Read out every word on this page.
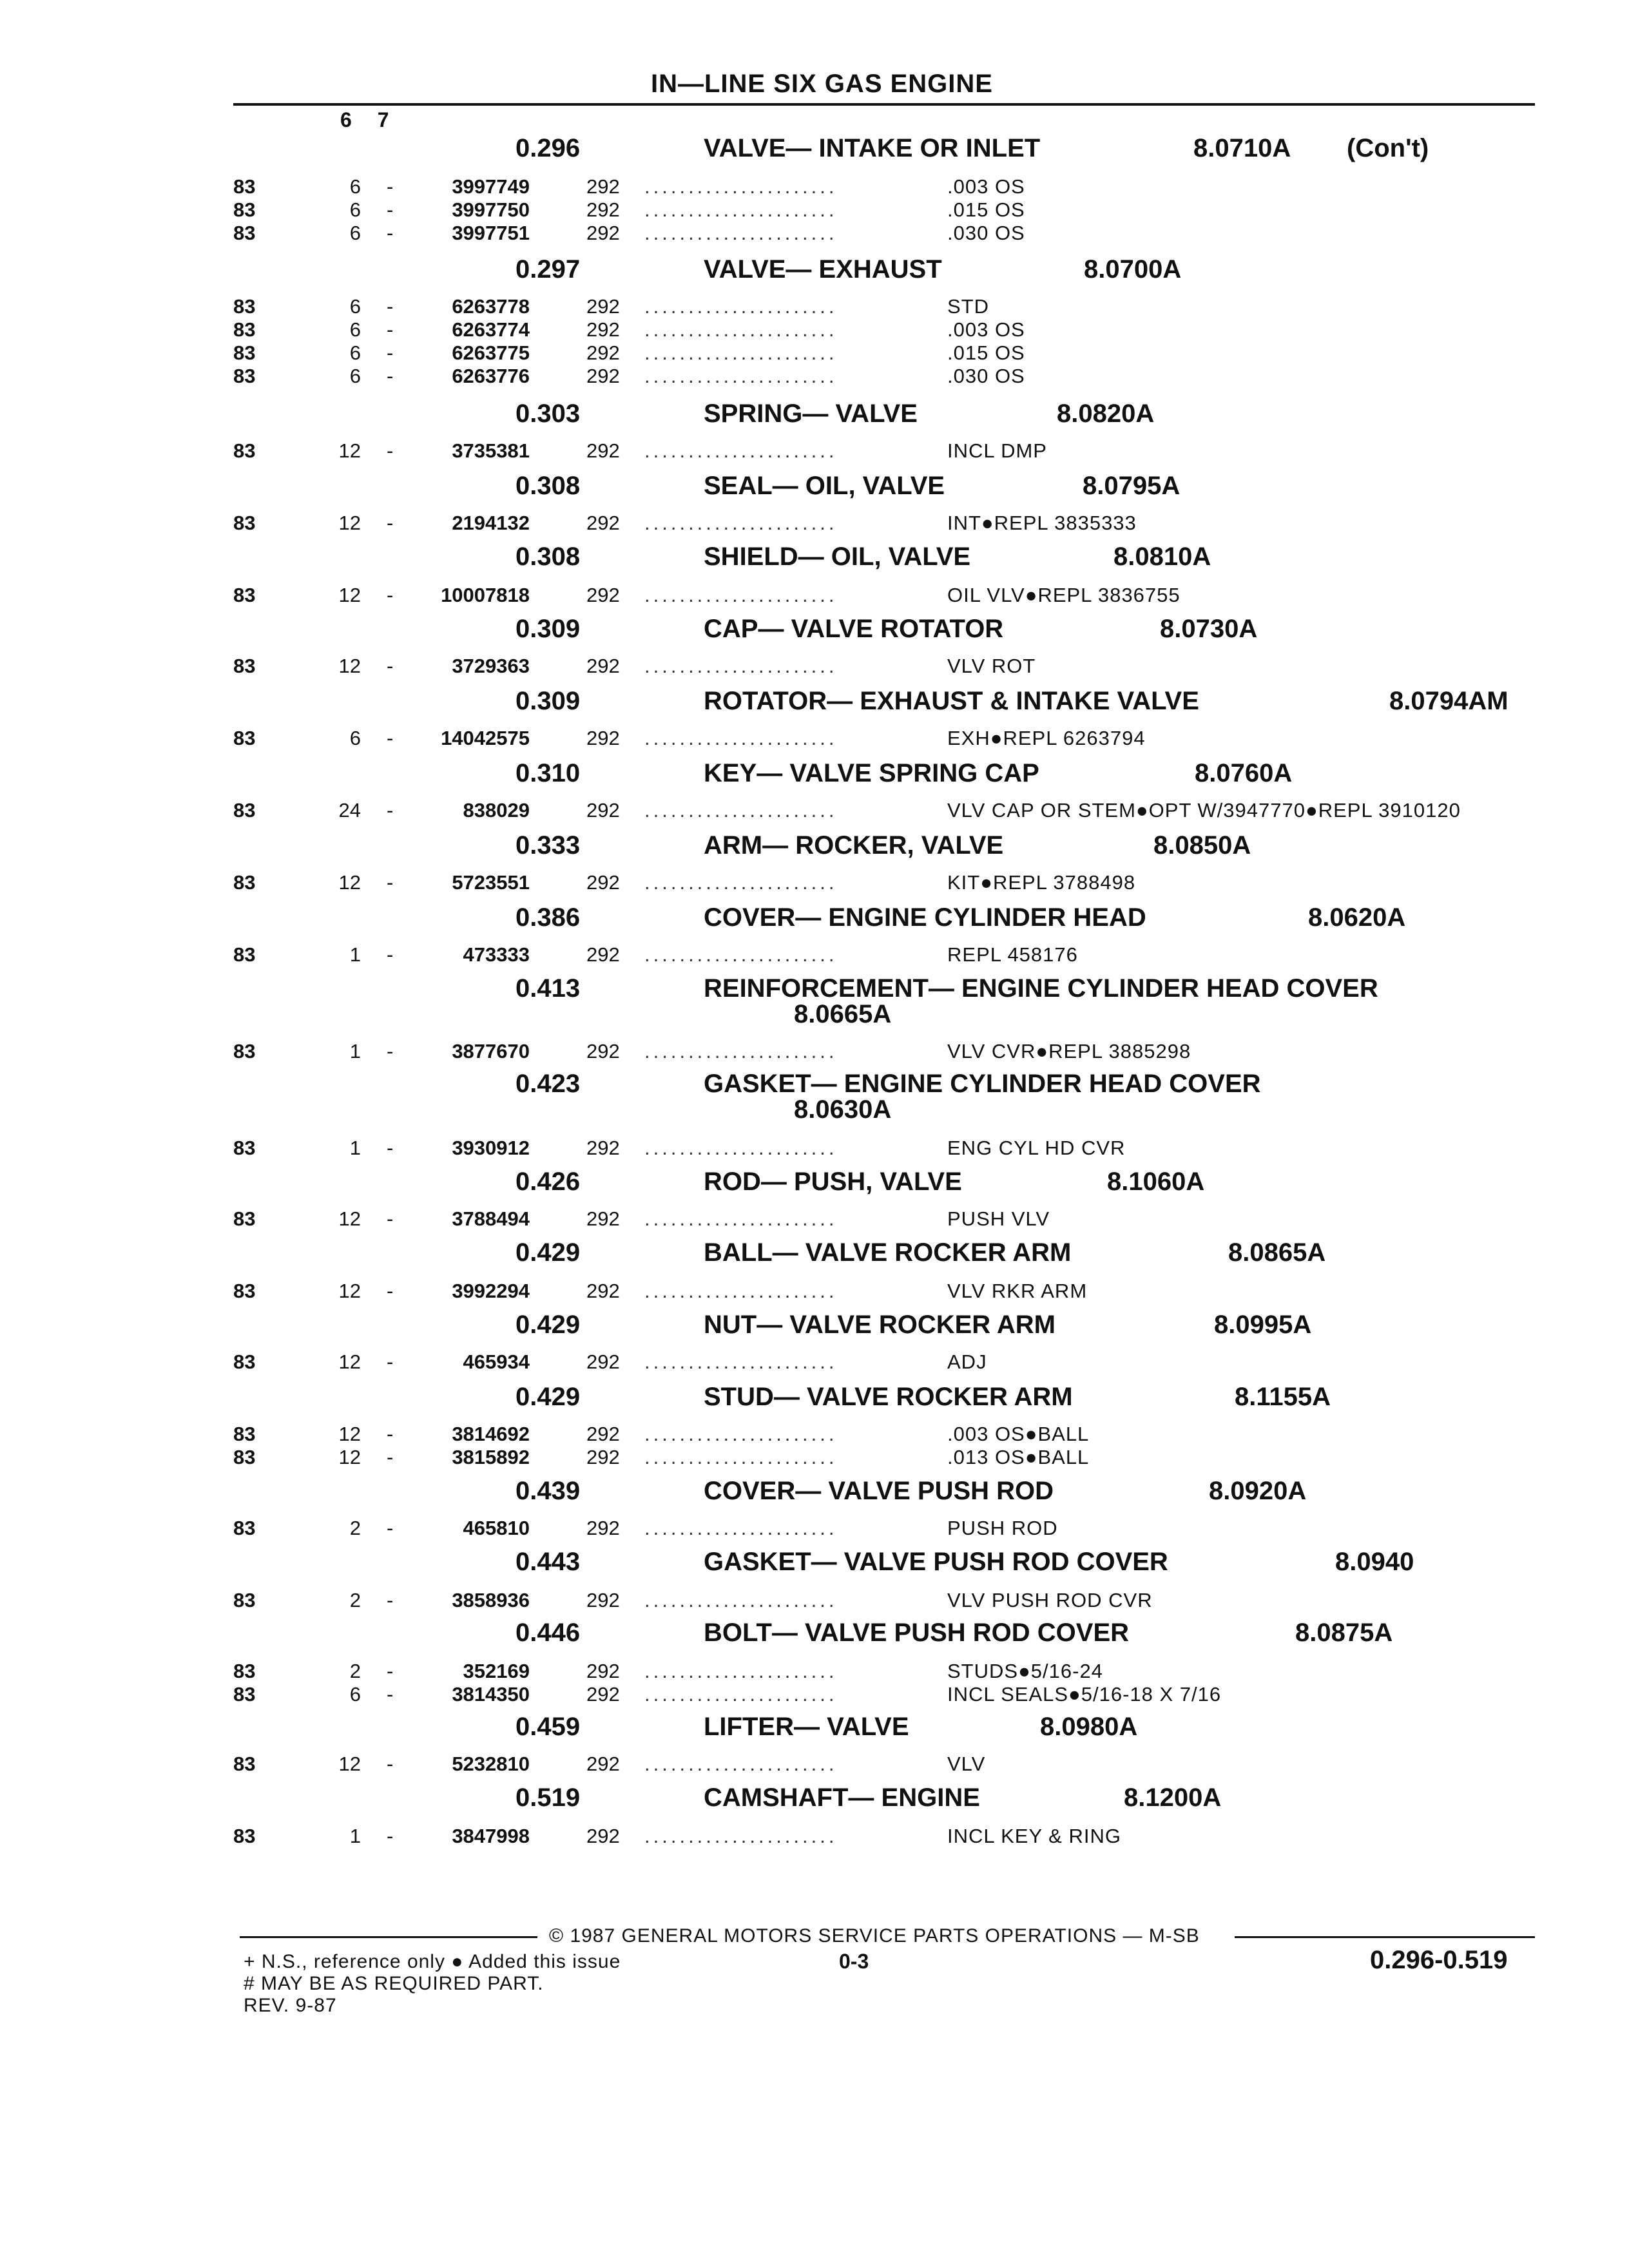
IN—LINE SIX GAS ENGINE
6 7
0.296	VALVE— INTAKE OR INLET	8.0710A (Con't)
83	6 -	3997749	292 ......................	.003 OS
83	6 -	3997750	292 ......................	.015 OS
83	6 -	3997751	292 ......................	.030 OS
0.297	VALVE— EXHAUST	8.0700A
83	6 -	6263778	292 ......................	STD
83	6 -	6263774	292 ......................	.003 OS
83	6 -	6263775	292 ......................	.015 OS
83	6 -	6263776	292 ......................	.030 OS
0.303	SPRING— VALVE	8.0820A
83	12 -	3735381	292 ......................	INCL DMP
0.308	SEAL— OIL, VALVE	8.0795A
83	12 -	2194132	292 ......................	INT●REPL 3835333
0.308	SHIELD— OIL, VALVE	8.0810A
83	12 -	10007818	292 ......................	OIL VLV●REPL 3836755
0.309	CAP— VALVE ROTATOR	8.0730A
83	12 -	3729363	292 ......................	VLV ROT
0.309	ROTATOR— EXHAUST & INTAKE VALVE	8.0794AM
83	6 -	14042575	292 ......................	EXH●REPL 6263794
0.310	KEY— VALVE SPRING CAP	8.0760A
83	24 -	838029	292 ......................	VLV CAP OR STEM●OPT W/3947770●REPL 3910120
0.333	ARM— ROCKER, VALVE	8.0850A
83	12 -	5723551	292 ......................	KIT●REPL 3788498
0.386	COVER— ENGINE CYLINDER HEAD	8.0620A
83	1 -	473333	292 ......................	REPL 458176
0.413	REINFORCEMENT— ENGINE CYLINDER HEAD COVER
8.0665A
83	1 -	3877670	292 ......................	VLV CVR●REPL 3885298
0.423	GASKET— ENGINE CYLINDER HEAD COVER
8.0630A
83	1 -	3930912	292 ......................	ENG CYL HD CVR
0.426	ROD— PUSH, VALVE	8.1060A
83	12 -	3788494	292 ......................	PUSH VLV
0.429	BALL— VALVE ROCKER ARM	8.0865A
83	12 -	3992294	292 ......................	VLV RKR ARM
0.429	NUT— VALVE ROCKER ARM	8.0995A
83	12 -	465934	292 ......................	ADJ
0.429	STUD— VALVE ROCKER ARM	8.1155A
83	12 -	3814692	292 ......................	.003 OS●BALL
83	12 -	3815892	292 ......................	.013 OS●BALL
0.439	COVER— VALVE PUSH ROD	8.0920A
83	2 -	465810	292 ......................	PUSH ROD
0.443	GASKET— VALVE PUSH ROD COVER	8.0940
83	2 -	3858936	292 ......................	VLV PUSH ROD CVR
0.446	BOLT— VALVE PUSH ROD COVER	8.0875A
83	2 -	352169	292 ......................	STUDS●5/16-24
83	6 -	3814350	292 ......................	INCL SEALS●5/16-18 X 7/16
0.459	LIFTER— VALVE	8.0980A
83	12 -	5232810	292 ......................	VLV
0.519	CAMSHAFT— ENGINE	8.1200A
83	1 -	3847998	292 ......................	INCL KEY & RING
© 1987 GENERAL MOTORS SERVICE PARTS OPERATIONS — M-SB
+ N.S., reference only ● Added this issue
# MAY BE AS REQUIRED PART.
REV. 9-87
0-3	0.296-0.519
